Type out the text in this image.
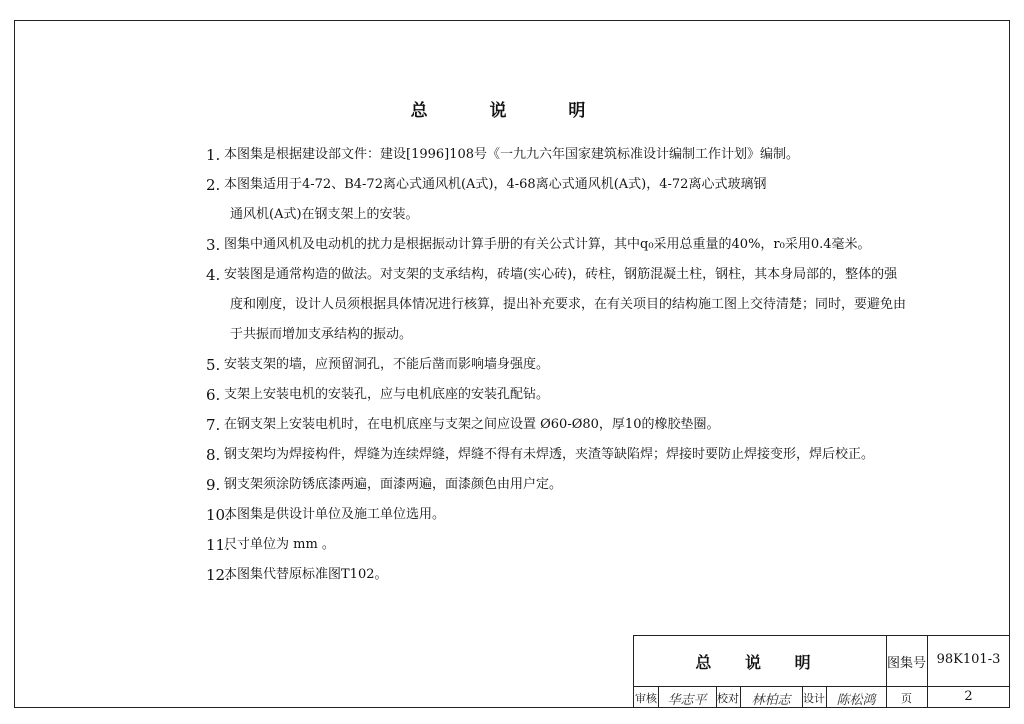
总 说 明
1. 本图集是根据建设部文件：建设[1996]108号《一九九六年国家建筑标准设计编制工作计划》编制。
2. 本图集适用于4-72、B4-72离心式通风机(A式)，4-68离心式通风机(A式)，4-72离心式玻璃钢
通风机(A式)在钢支架上的安装。
3. 图集中通风机及电动机的扰力是根据振动计算手册的有关公式计算，其中q₀采用总重量的40%，r₀采用0.4毫米。
4. 安装图是通常构造的做法。对支架的支承结构，砖墙(实心砖)，砖柱，钢筋混凝土柱，钢柱，其本身局部的，整体的强
度和刚度，设计人员须根据具体情况进行核算，提出补充要求，在有关项目的结构施工图上交待清楚；同时，要避免由
于共振而增加支承结构的振动。
5. 安装支架的墙，应预留洞孔，不能后凿而影响墙身强度。
6. 支架上安装电机的安装孔，应与电机底座的安装孔配钻。
7. 在钢支架上安装电机时，在电机底座与支架之间应设置 Ø60-Ø80，厚10的橡胶垫圈。
8. 钢支架均为焊接构件，焊缝为连续焊缝，焊缝不得有未焊透，夹渣等缺陷焊；焊接时要防止焊接变形，焊后校正。
9. 钢支架须涂防锈底漆两遍，面漆两遍，面漆颜色由用户定。
10.
本图集是供设计单位及施工单位选用。
11.
尺寸单位为 mm 。
12.
本图集代替原标准图T102。
总 说 明	图集号 98K101-3
审核 华志平 校对 林柏志	设计 陈松鸿	页	2
